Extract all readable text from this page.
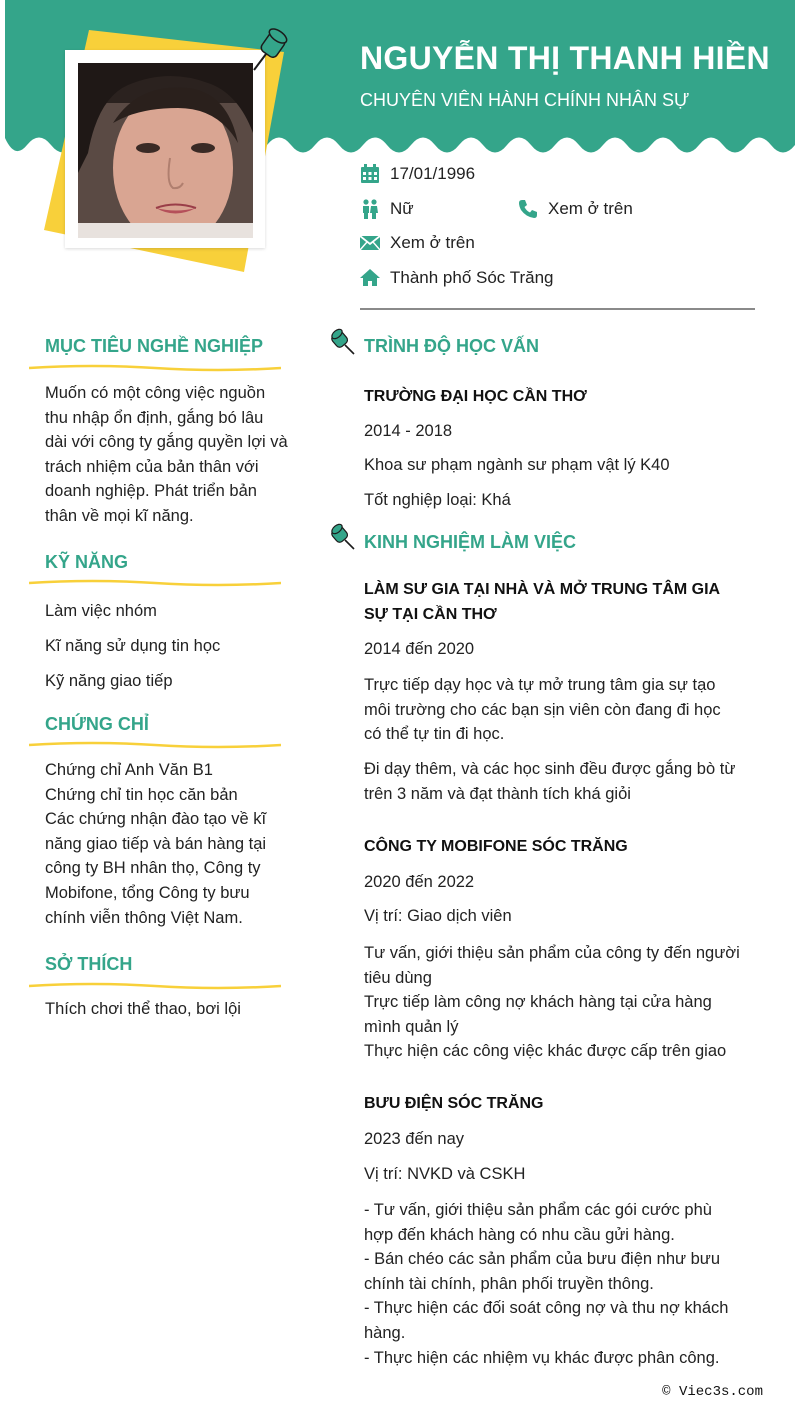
NGUYỄN THỊ THANH HIỀN
CHUYÊN VIÊN HÀNH CHÍNH NHÂN SỰ
17/01/1996
Nữ	Xem ở trên
Xem ở trên
Thành phố Sóc Trăng
MỤC TIÊU NGHỀ NGHIỆP
Muốn có một công việc nguồn
thu nhập ổn định, gắng bó lâu
dài với công ty gắng quyền lợi và
trách nhiệm của bản thân với
doanh nghiệp. Phát triển bản
thân về mọi kĩ năng.
KỸ NĂNG
Làm việc nhóm
Kĩ năng sử dụng tin học
Kỹ năng giao tiếp
CHỨNG CHỈ
Chứng chỉ Anh Văn B1
Chứng chỉ tin học căn bản
Các chứng nhận đào tạo về kĩ
năng giao tiếp và bán hàng tại
công ty BH nhân thọ, Công ty
Mobifone, tổng Công ty bưu
chính viễn thông Việt Nam.
SỞ THÍCH
Thích chơi thể thao, bơi lội
TRÌNH ĐỘ HỌC VẤN
TRƯỜNG ĐẠI HỌC CẦN THƠ
2014 - 2018
Khoa sư phạm ngành sư phạm vật lý K40
Tốt nghiệp loại: Khá
KINH NGHIỆM LÀM VIỆC
LÀM SƯ GIA TẠI NHÀ VÀ MỞ TRUNG TÂM GIA SỰ TẠI CẦN THƠ
2014 đến 2020
Trực tiếp dạy học và tự mở trung tâm gia sự tạo môi trường cho các bạn sịn viên còn đang đi học có thể tự tin đi học.
Đi dạy thêm, và các học sinh đều được gắng bò từ trên 3 năm và đạt thành tích khá giỏi
CÔNG TY MOBIFONE SÓC TRĂNG
2020 đến 2022
Vị trí: Giao dịch viên
Tư vấn, giới thiệu sản phẩm của công ty đến người tiêu dùng
Trực tiếp làm công nợ khách hàng tại cửa hàng mình quản lý
Thực hiện các công việc khác được cấp trên giao
BƯU ĐIỆN SÓC TRĂNG
2023 đến nay
Vị trí: NVKD và CSKH
- Tư vấn, giới thiệu sản phẩm các gói cước phù hợp đến khách hàng có nhu cầu gửi hàng.
- Bán chéo các sản phẩm của bưu điện như bưu chính tài chính, phân phối truyền thông.
- Thực hiện các đối soát công nợ và thu nợ khách hàng.
- Thực hiện các nhiệm vụ khác được phân công.
© Viec3s.com
